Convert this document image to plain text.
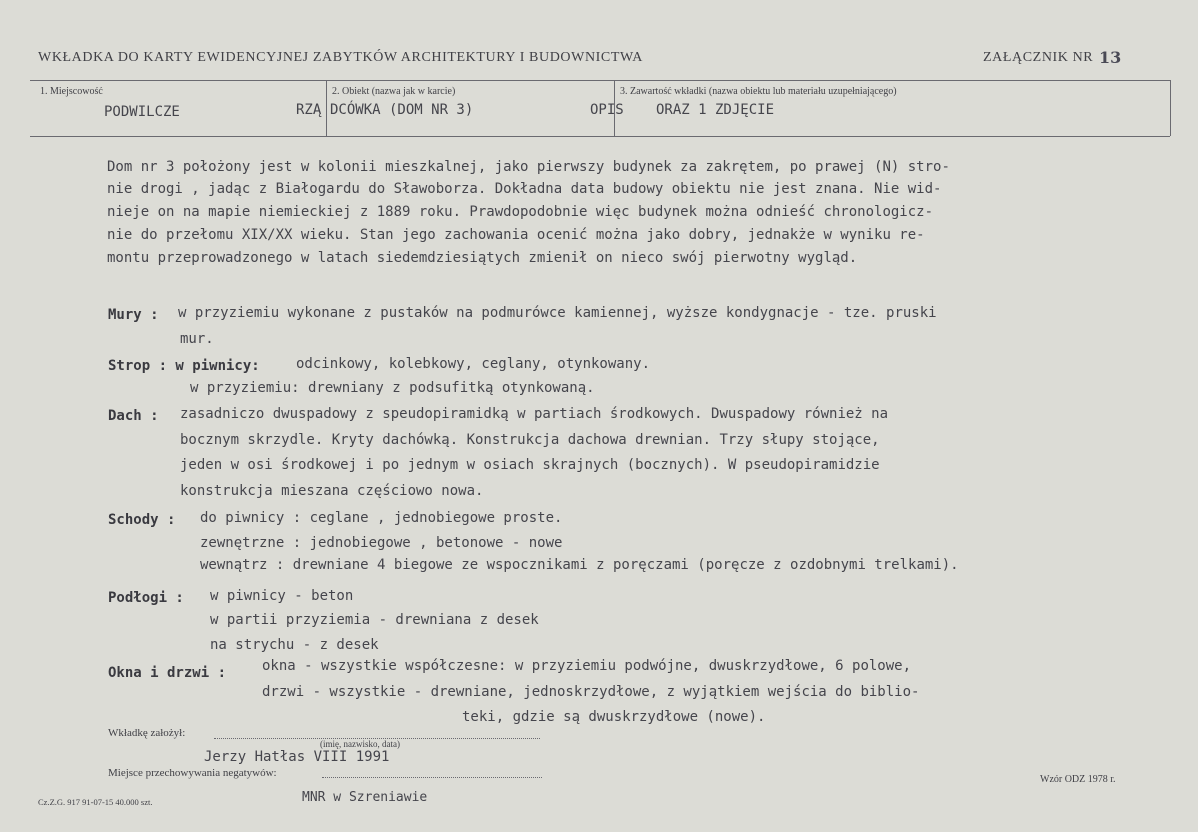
WKŁADKA DO KARTY EWIDENCYJNEJ ZABYTKÓW ARCHITEKTURY I BUDOWNICTWA	ZAŁĄCZNIK NR 13
1. Miejscowość	2. Obiekt (nazwa jak w karcie)	3. Zawartość wkładki (nazwa obiektu lub materiału uzupełniającego)
PODWILCZE	RZĄ DCÓWKA (DOM NR 3)	OPIS ORAZ 1 ZDJĘCIE
Dom nr 3 położony jest w kolonii mieszkalnej, jako pierwszy budynek za zakrętem, po prawej (N) stro-
nie drogi , jadąc z Białogardu do Sławoborza. Dokładna data budowy obiektu nie jest znana. Nie wid-
nieje on na mapie niemieckiej z 1889 roku. Prawdopodobnie więc budynek można odnieść chronologicz-
nie do przełomu XIX/XX wieku. Stan jego zachowania ocenić można jako dobry, jednakże w wyniku re-
montu przeprowadzonego w latach siedemdziesiątych zmienił on nieco swój pierwotny wygląd.
Mury : w przyziemiu wykonane z pustaków na podmurówce kamiennej, wyższe kondygnacje - tze. pruski
mur.
Strop : w piwnicy:	odcinkowy, kolebkowy, ceglany, otynkowany.
w przyziemiu: drewniany z podsufitką otynkowaną.
Dach : zasadniczo dwuspadowy z speudopiramidką w partiach środkowych. Dwuspadowy również na
bocznym skrzydle. Kryty dachówką. Konstrukcja dachowa drewnian. Trzy słupy stojące,
jeden w osi środkowej i po jednym w osiach skrajnych (bocznych). W pseudopiramidzie
konstrukcja mieszana częściowo nowa.
Schody : do piwnicy : ceglane , jednobiegowe proste.
zewnętrzne : jednobiegowe , betonowe - nowe
wewnątrz : drewniane 4 biegowe ze wspocznikami z poręczami (poręcze z ozdobnymi trelkami).
Podłogi : w piwnicy - beton
w partii przyziemia - drewniana z desek
na strychu - z desek
Okna i drzwi :	okna - wszystkie współczesne: w przyziemiu podwójne, dwuskrzydłowe, 6 polowe,
drzwi - wszystkie - drewniane, jednoskrzydłowe, z wyjątkiem wejścia do biblio-
teki, gdzie są dwuskrzydłowe (nowe).
Wkładkę założył:
(imię, nazwisko, data)
Jerzy Hatłas VIII 1991
Miejsce przechowywania negatywów:
MNR w Szreniawie
Cz.Z.G. 917 91-07-15 40.000 szt.
Wzór ODZ 1978 r.
